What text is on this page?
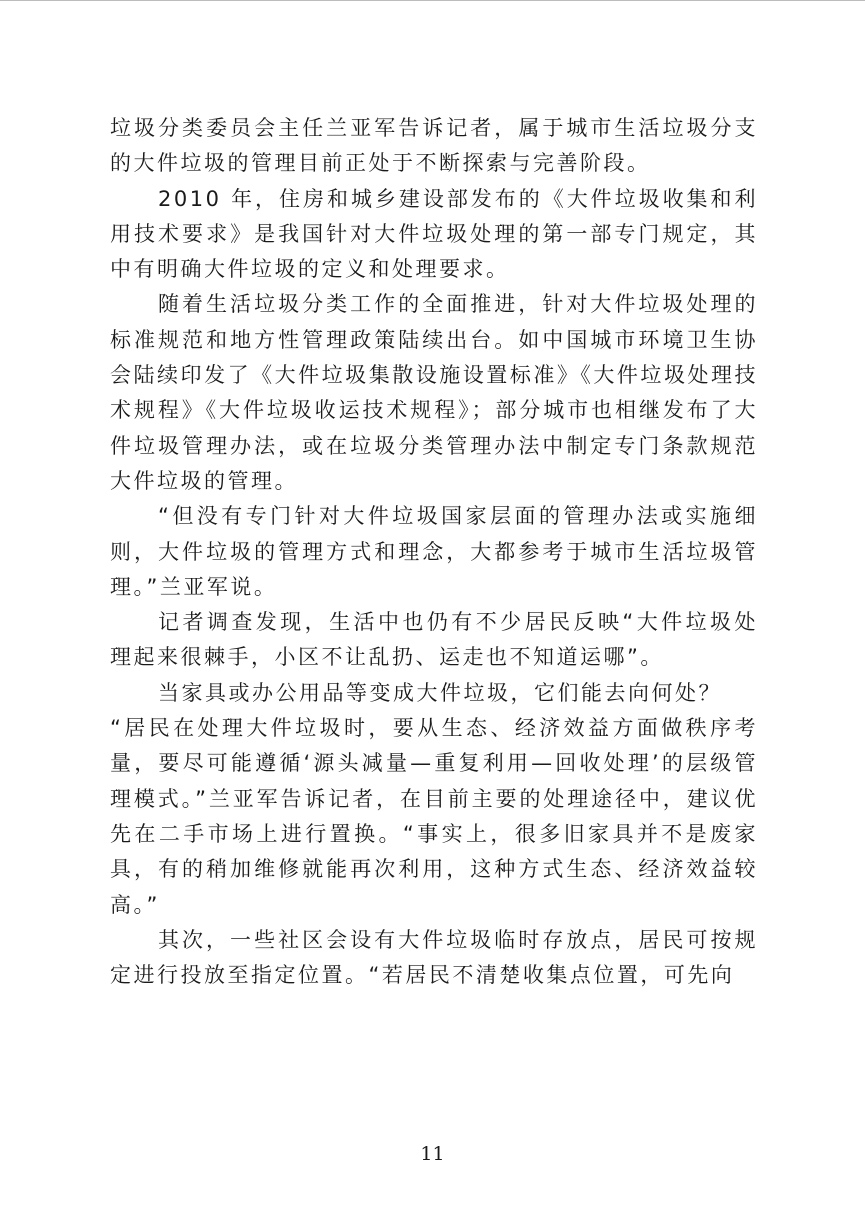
垃圾分类委员会主任兰亚军告诉记者，属于城市生活垃圾分支的大件垃圾的管理目前正处于不断探索与完善阶段。

2010 年，住房和城乡建设部发布的《大件垃圾收集和利用技术要求》是我国针对大件垃圾处理的第一部专门规定，其中有明确大件垃圾的定义和处理要求。

随着生活垃圾分类工作的全面推进，针对大件垃圾处理的标准规范和地方性管理政策陆续出台。如中国城市环境卫生协会陆续印发了《大件垃圾集散设施设置标准》《大件垃圾处理技术规程》《大件垃圾收运技术规程》；部分城市也相继发布了大件垃圾管理办法，或在垃圾分类管理办法中制定专门条款规范大件垃圾的管理。

“但没有专门针对大件垃圾国家层面的管理办法或实施细则，大件垃圾的管理方式和理念，大都参考于城市生活垃圾管理。”兰亚军说。

记者调查发现，生活中也仍有不少居民反映“大件垃圾处理起来很棘手，小区不让乱扔、运走也不知道运哪”。

当家具或办公用品等变成大件垃圾，它们能去向何处？

“居民在处理大件垃圾时，要从生态、经济效益方面做秩序考量，要尽可能遵循‘源头减量—重复利用—回收处理’的层级管理模式。”兰亚军告诉记者，在目前主要的处理途径中，建议优先在二手市场上进行置换。“事实上，很多旧家具并不是废家具，有的稍加维修就能再次利用，这种方式生态、经济效益较高。”

其次，一些社区会设有大件垃圾临时存放点，居民可按规定进行投放至指定位置。“若居民不清楚收集点位置，可先向

11
